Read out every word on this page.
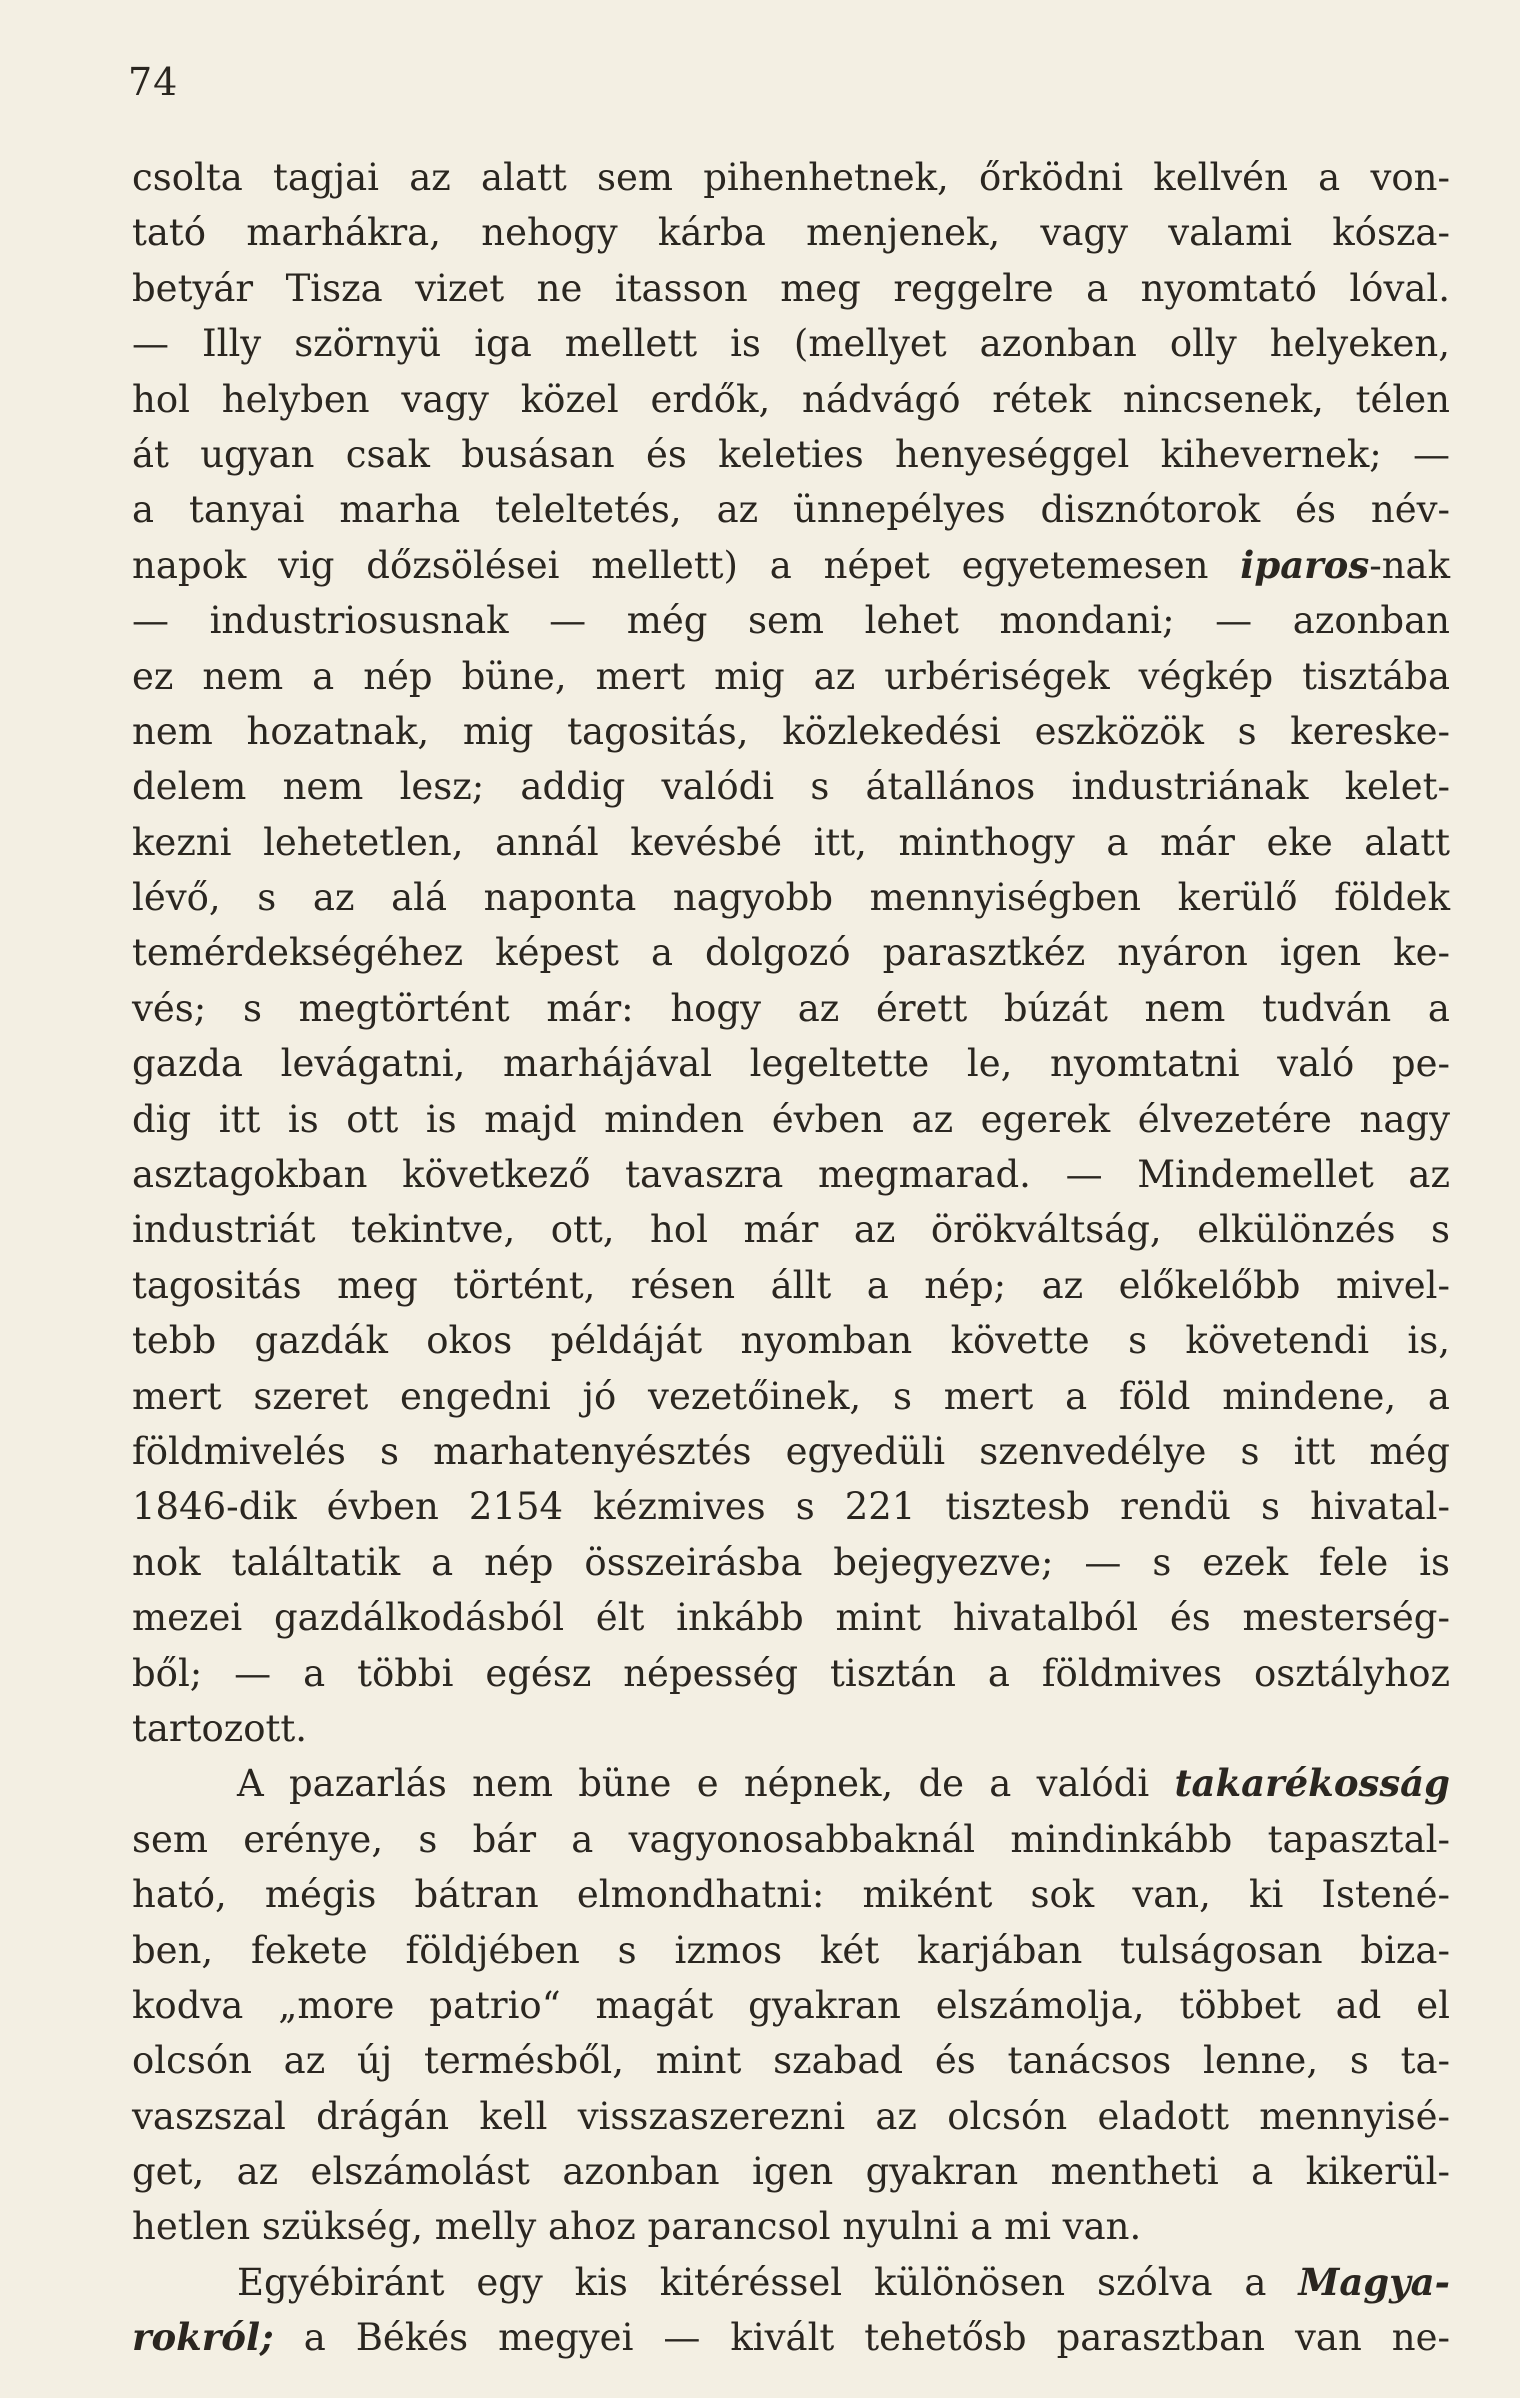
74
csolta tagjai az alatt sem pihenhetnek, őrködni kellvén a von-
tató marhákra, nehogy kárba menjenek, vagy valami kósza-
betyár Tisza vizet ne itasson meg reggelre a nyomtató lóval.
— Illy szörnyü iga mellett is (mellyet azonban olly helyeken,
hol helyben vagy közel erdők, nádvágó rétek nincsenek, télen
át ugyan csak busásan és keleties henyeséggel kihevernek; —
a tanyai marha teleltetés, az ünnepélyes disznótorok és név-
napok vig dőzsölései mellett) a népet egyetemesen iparos-nak
— industriosusnak — még sem lehet mondani; — azonban
ez nem a nép büne, mert mig az urbériségek végkép tisztába
nem hozatnak, mig tagositás, közlekedési eszközök s kereske-
delem nem lesz; addig valódi s átallános industriának kelet-
kezni lehetetlen, annál kevésbé itt, minthogy a már eke alatt
lévő, s az alá naponta nagyobb mennyiségben kerülő földek
temérdekségéhez képest a dolgozó parasztkéz nyáron igen ke-
vés; s megtörtént már: hogy az érett búzát nem tudván a
gazda levágatni, marhájával legeltette le, nyomtatni való pe-
dig itt is ott is majd minden évben az egerek élvezetére nagy
asztagokban következő tavaszra megmarad. — Mindemellet az
industriát tekintve, ott, hol már az örökváltság, elkülönzés s
tagositás meg történt, résen állt a nép; az előkelőbb mivel-
tebb gazdák okos példáját nyomban követte s követendi is,
mert szeret engedni jó vezetőinek, s mert a föld mindene, a
földmivelés s marhatenyésztés egyedüli szenvedélye s itt még
1846-dik évben 2154 kézmives s 221 tisztesb rendü s hivatal-
nok találtatik a nép összeirásba bejegyezve; — s ezek fele is
mezei gazdálkodásból élt inkább mint hivatalból és mesterség-
ből; — a többi egész népesség tisztán a földmives osztályhoz
tartozott.
A pazarlás nem büne e népnek, de a valódi takarékosság
sem erénye, s bár a vagyonosabbaknál mindinkább tapasztal-
ható, mégis bátran elmondhatni: miként sok van, ki Istené-
ben, fekete földjében s izmos két karjában tulságosan biza-
kodva „more patrio“ magát gyakran elszámolja, többet ad el
olcsón az új termésből, mint szabad és tanácsos lenne, s ta-
vaszszal drágán kell visszaszerezni az olcsón eladott mennyisé-
get, az elszámolást azonban igen gyakran mentheti a kikerül-
hetlen szükség, melly ahoz parancsol nyulni a mi van.
Egyébiránt egy kis kitéréssel különösen szólva a Magya-
rokról; a Békés megyei — kivált tehetősb parasztban van ne-
